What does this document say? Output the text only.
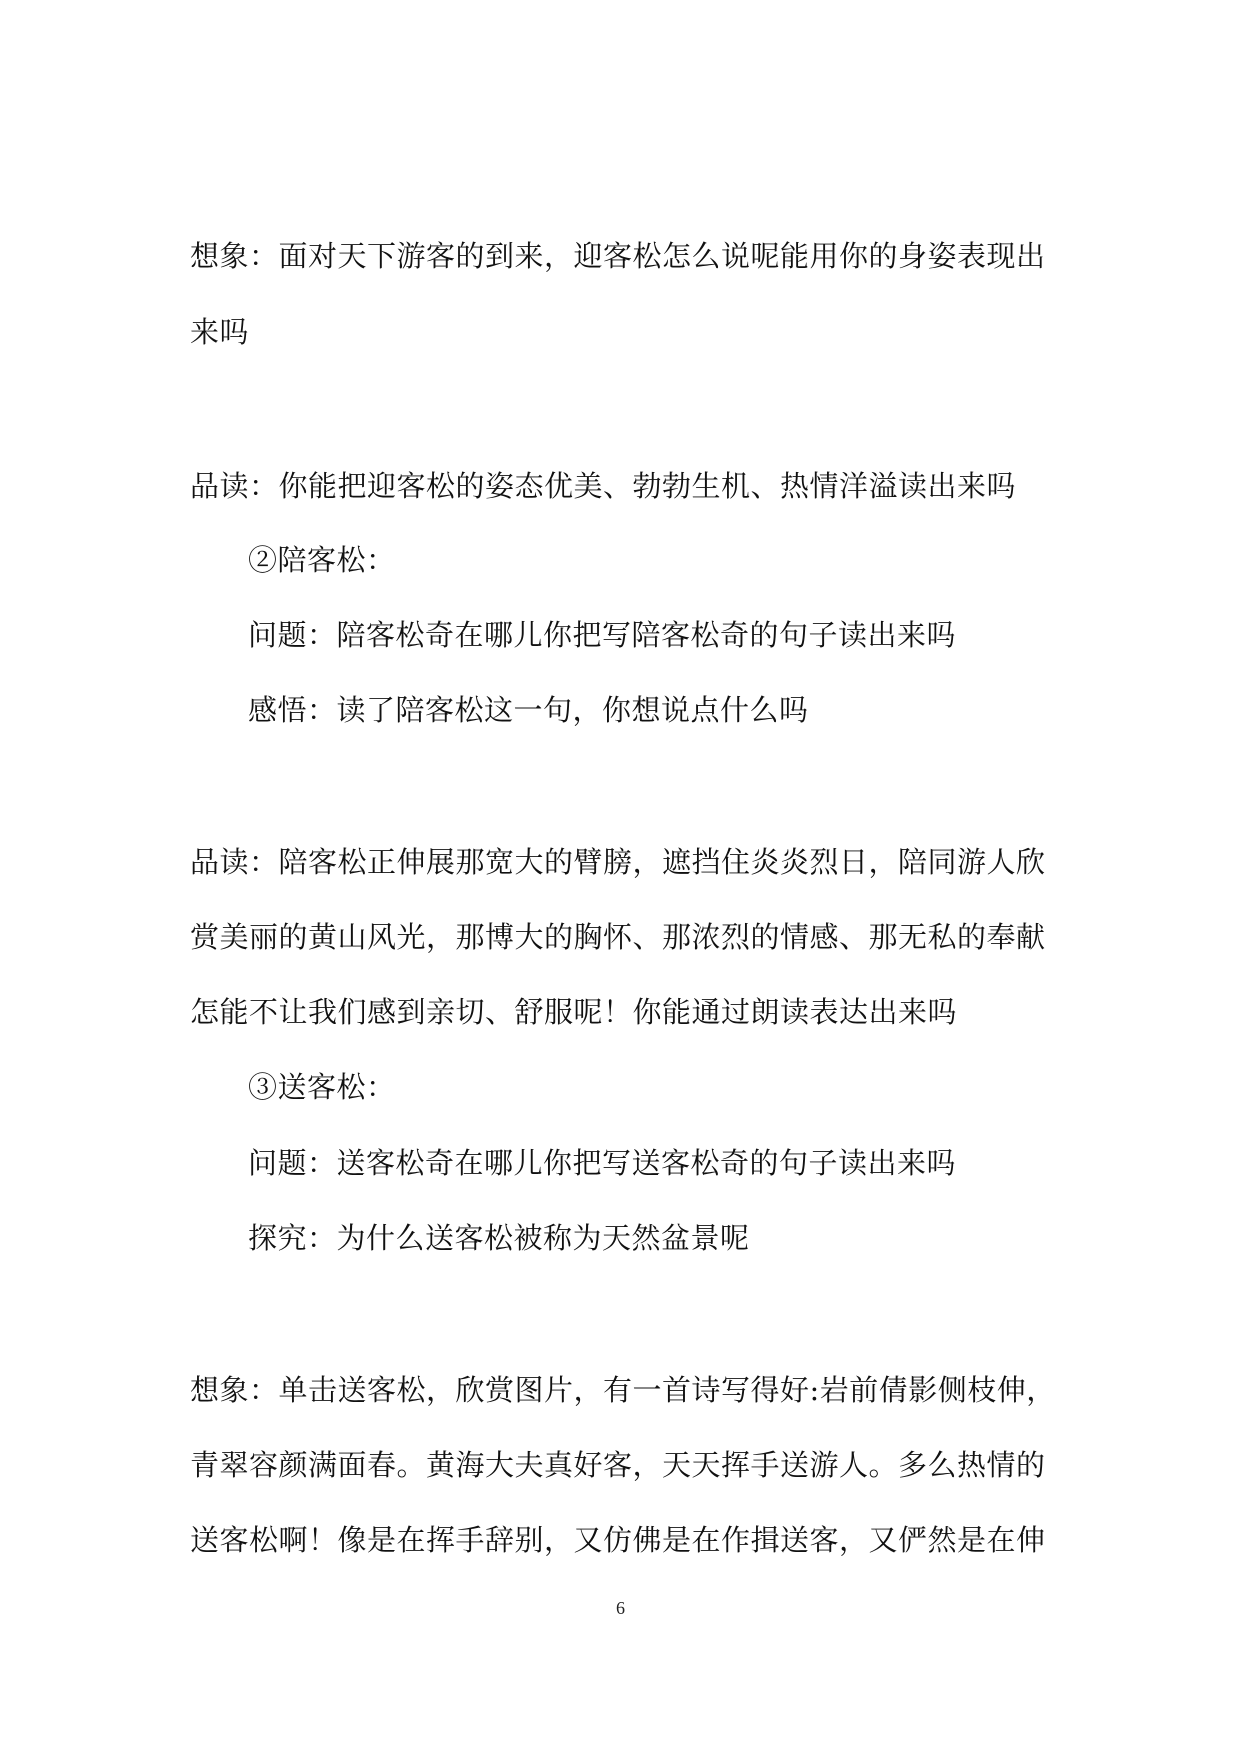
想象：面对天下游客的到来，迎客松怎么说呢能用你的身姿表现出
来吗
品读：你能把迎客松的姿态优美、勃勃生机、热情洋溢读出来吗
②陪客松：
问题：陪客松奇在哪儿你把写陪客松奇的句子读出来吗
感悟：读了陪客松这一句，你想说点什么吗
品读：陪客松正伸展那宽大的臂膀，遮挡住炎炎烈日，陪同游人欣
赏美丽的黄山风光，那博大的胸怀、那浓烈的情感、那无私的奉献
怎能不让我们感到亲切、舒服呢！你能通过朗读表达出来吗
③送客松：
问题：送客松奇在哪儿你把写送客松奇的句子读出来吗
探究：为什么送客松被称为天然盆景呢
想象：单击送客松，欣赏图片，有一首诗写得好:岩前倩影侧枝伸，
青翠容颜满面春。黄海大夫真好客，天天挥手送游人。多么热情的
送客松啊！像是在挥手辞别，又仿佛是在作揖送客，又俨然是在伸
6
